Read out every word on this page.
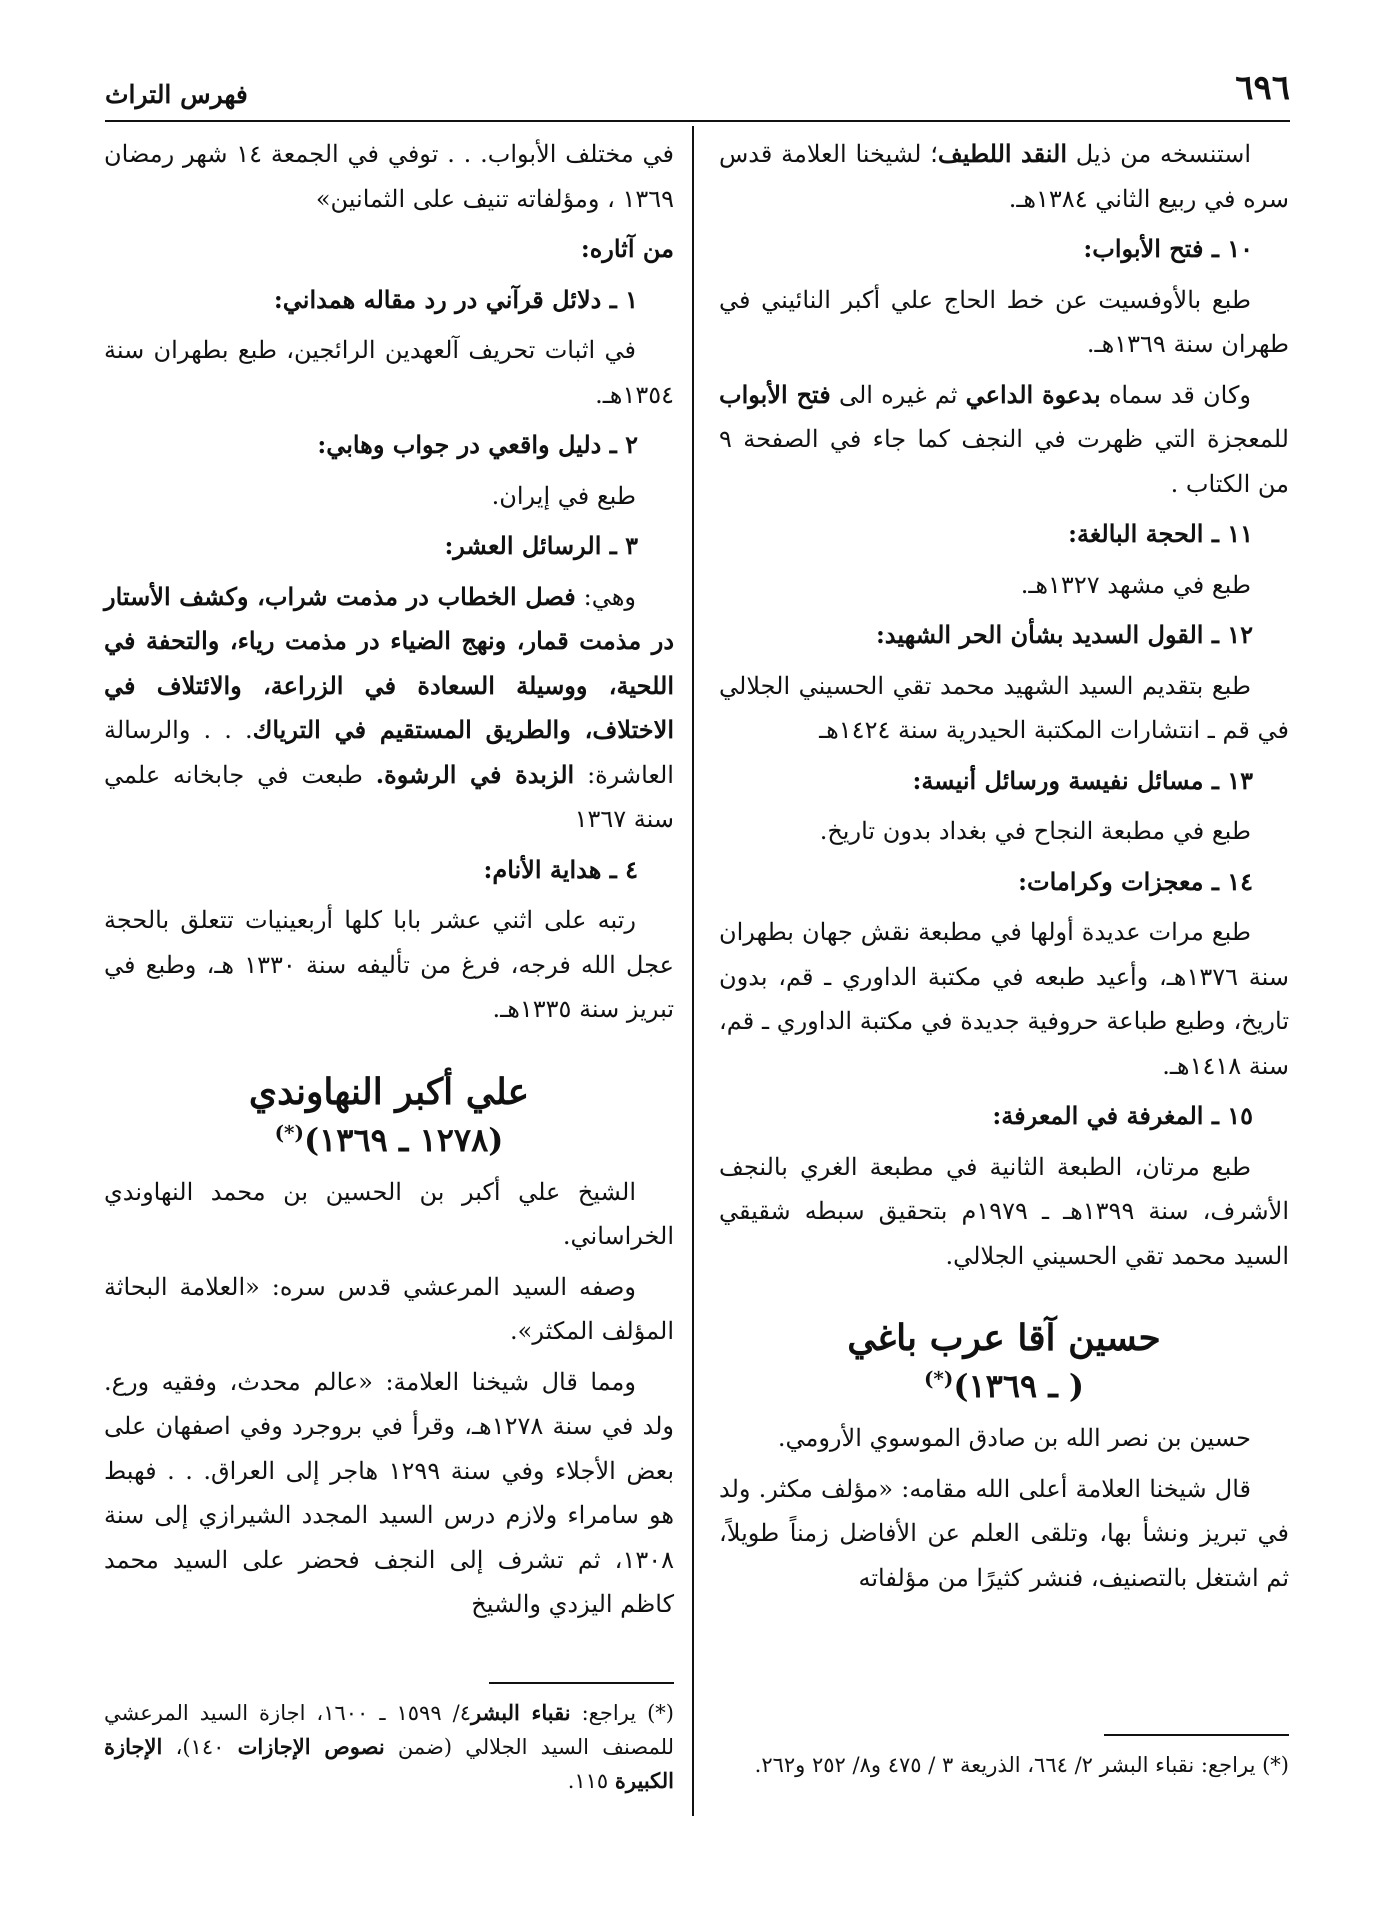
٦٩٦
فهرس التراث

استنسخه من ذيل النقد اللطيف؛ لشيخنا العلامة قدس سره في ربيع الثاني ١٣٨٤هـ.

١٠ ـ فتح الأبواب:

طبع بالأوفسيت عن خط الحاج علي أكبر النائيني في طهران سنة ١٣٦٩هـ.

وكان قد سماه بدعوة الداعي ثم غيره الى فتح الأبواب للمعجزة التي ظهرت في النجف كما جاء في الصفحة ٩ من الكتاب .

١١ ـ الحجة البالغة:

طبع في مشهد ١٣٢٧هـ.

١٢ ـ القول السديد بشأن الحر الشهيد:

طبع بتقديم السيد الشهيد محمد تقي الحسيني الجلالي في قم ـ انتشارات المكتبة الحيدرية سنة ١٤٢٤هـ

١٣ ـ مسائل نفيسة ورسائل أنيسة:

طبع في مطبعة النجاح في بغداد بدون تاريخ.

١٤ ـ معجزات وكرامات:

طبع مرات عديدة أولها في مطبعة نقش جهان بطهران سنة ١٣٧٦هـ، وأعيد طبعه في مكتبة الداوري ـ قم، بدون تاريخ، وطبع طباعة حروفية جديدة في مكتبة الداوري ـ قم، سنة ١٤١٨هـ.

١٥ ـ المغرفة في المعرفة:

طبع مرتان، الطبعة الثانية في مطبعة الغري بالنجف الأشرف، سنة ١٣٩٩هـ ـ ١٩٧٩م بتحقيق سبطه شقيقي السيد محمد تقي الحسيني الجلالي.

حسين آقا عرب باغي
( ـ ١٣٦٩)(*)

حسين بن نصر الله بن صادق الموسوي الأرومي.

قال شيخنا العلامة أعلى الله مقامه: «مؤلف مكثر. ولد في تبريز ونشأ بها، وتلقى العلم عن الأفاضل زمناً طويلاً، ثم اشتغل بالتصنيف، فنشر كثيرًا من مؤلفاته

(*) يراجع: نقباء البشر ٢/ ٦٦٤، الذريعة ٣ / ٤٧٥ و٨/ ٢٥٢ و٢٦٢.

في مختلف الأبواب. . . توفي في الجمعة ١٤ شهر رمضان ١٣٦٩ ، ومؤلفاته تنيف على الثمانين»

من آثاره:
١ ـ دلائل قرآني در رد مقاله همداني:

في اثبات تحريف آلعهدين الرائجين، طبع بطهران سنة ١٣٥٤هـ.

٢ ـ دليل واقعي در جواب وهابي:

طبع في إيران.

٣ ـ الرسائل العشر:

وهي: فصل الخطاب در مذمت شراب، وكشف الأستار در مذمت قمار، ونهج الضياء در مذمت رياء، والتحفة في اللحية، ووسيلة السعادة في الزراعة، والائتلاف في الاختلاف، والطريق المستقيم في الترياك. . . والرسالة العاشرة: الزبدة في الرشوة. طبعت في جابخانه علمي سنة ١٣٦٧

٤ ـ هداية الأنام:

رتبه على اثني عشر بابا كلها أربعينيات تتعلق بالحجة عجل الله فرجه، فرغ من تأليفه سنة ١٣٣٠ هـ، وطبع في تبريز سنة ١٣٣٥هـ.

علي أكبر النهاوندي
(١٢٧٨ ـ ١٣٦٩)(*)

الشيخ علي أكبر بن الحسين بن محمد النهاوندي الخراساني.

وصفه السيد المرعشي قدس سره: «العلامة البحاثة المؤلف المكثر».

ومما قال شيخنا العلامة: «عالم محدث، وفقيه ورع. ولد في سنة ١٢٧٨هـ، وقرأ في بروجرد وفي اصفهان على بعض الأجلاء وفي سنة ١٢٩٩ هاجر إلى العراق. . . فهبط هو سامراء ولازم درس السيد المجدد الشيرازي إلى سنة ١٣٠٨، ثم تشرف إلى النجف فحضر على السيد محمد كاظم اليزدي والشيخ

(*) يراجع: نقباء البشر٤/ ١٥٩٩ ـ ١٦٠٠، اجازة السيد المرعشي للمصنف السيد الجلالي (ضمن نصوص الإجازات ١٤٠)، الإجازة الكبيرة ١١٥.
